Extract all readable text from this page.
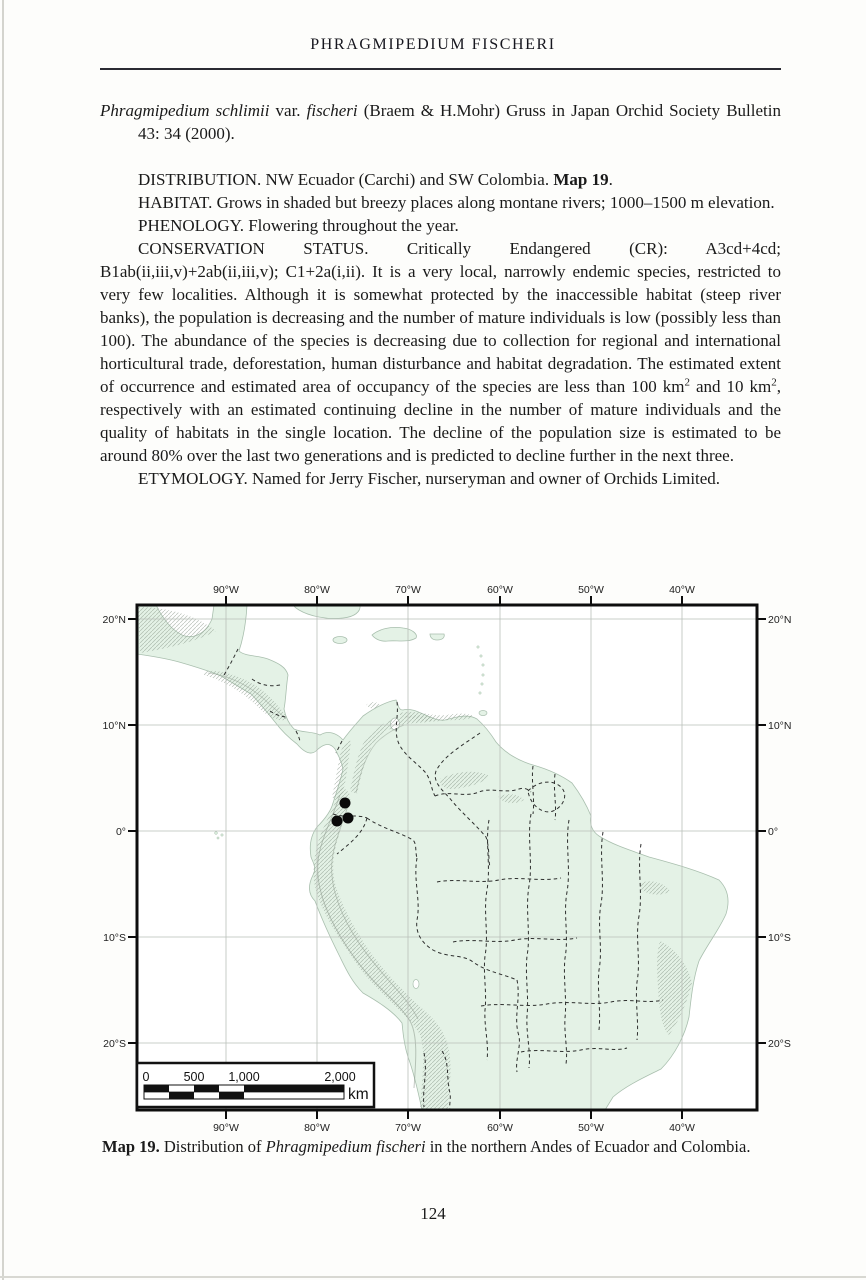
PHRAGMIPEDIUM FISCHERI

Phragmipedium schlimii var. fischeri (Braem & H.Mohr) Gruss in Japan Orchid Society Bulletin 43: 34 (2000).

DISTRIBUTION. NW Ecuador (Carchi) and SW Colombia. Map 19.

HABITAT. Grows in shaded but breezy places along montane rivers; 1000–1500 m elevation.

PHENOLOGY. Flowering throughout the year.

CONSERVATION STATUS. Critically Endangered (CR): A3cd+4cd; B1ab(ii,iii,v)+2ab(ii,iii,v); C1+2a(i,ii). It is a very local, narrowly endemic species, restricted to very few localities. Although it is somewhat protected by the inaccessible habitat (steep river banks), the population is decreasing and the number of mature individuals is low (possibly less than 100). The abundance of the species is decreasing due to collection for regional and international horticultural trade, deforestation, human disturbance and habitat degradation. The estimated extent of occurrence and estimated area of occupancy of the species are less than 100 $km^2$ and 10 $km^2$, respectively with an estimated continuing decline in the number of mature individuals and the quality of habitats in the single location. The decline of the population size is estimated to be around 80% over the last two generations and is predicted to decline further in the next three.

ETYMOLOGY. Named for Jerry Fischer, nurseryman and owner of Orchids Limited.

90°W	80°W	70°W	60°W	50°W	40°W
90°W	80°W	70°W	60°W	50°W	40°W
20°N
10°N
0°
10°S
20°S
20°N
10°N
0°
10°S
20°S
0	500 1,000	2,000
km

Map 19. Distribution of Phragmipedium fischeri in the northern Andes of Ecuador and Colombia.

124
